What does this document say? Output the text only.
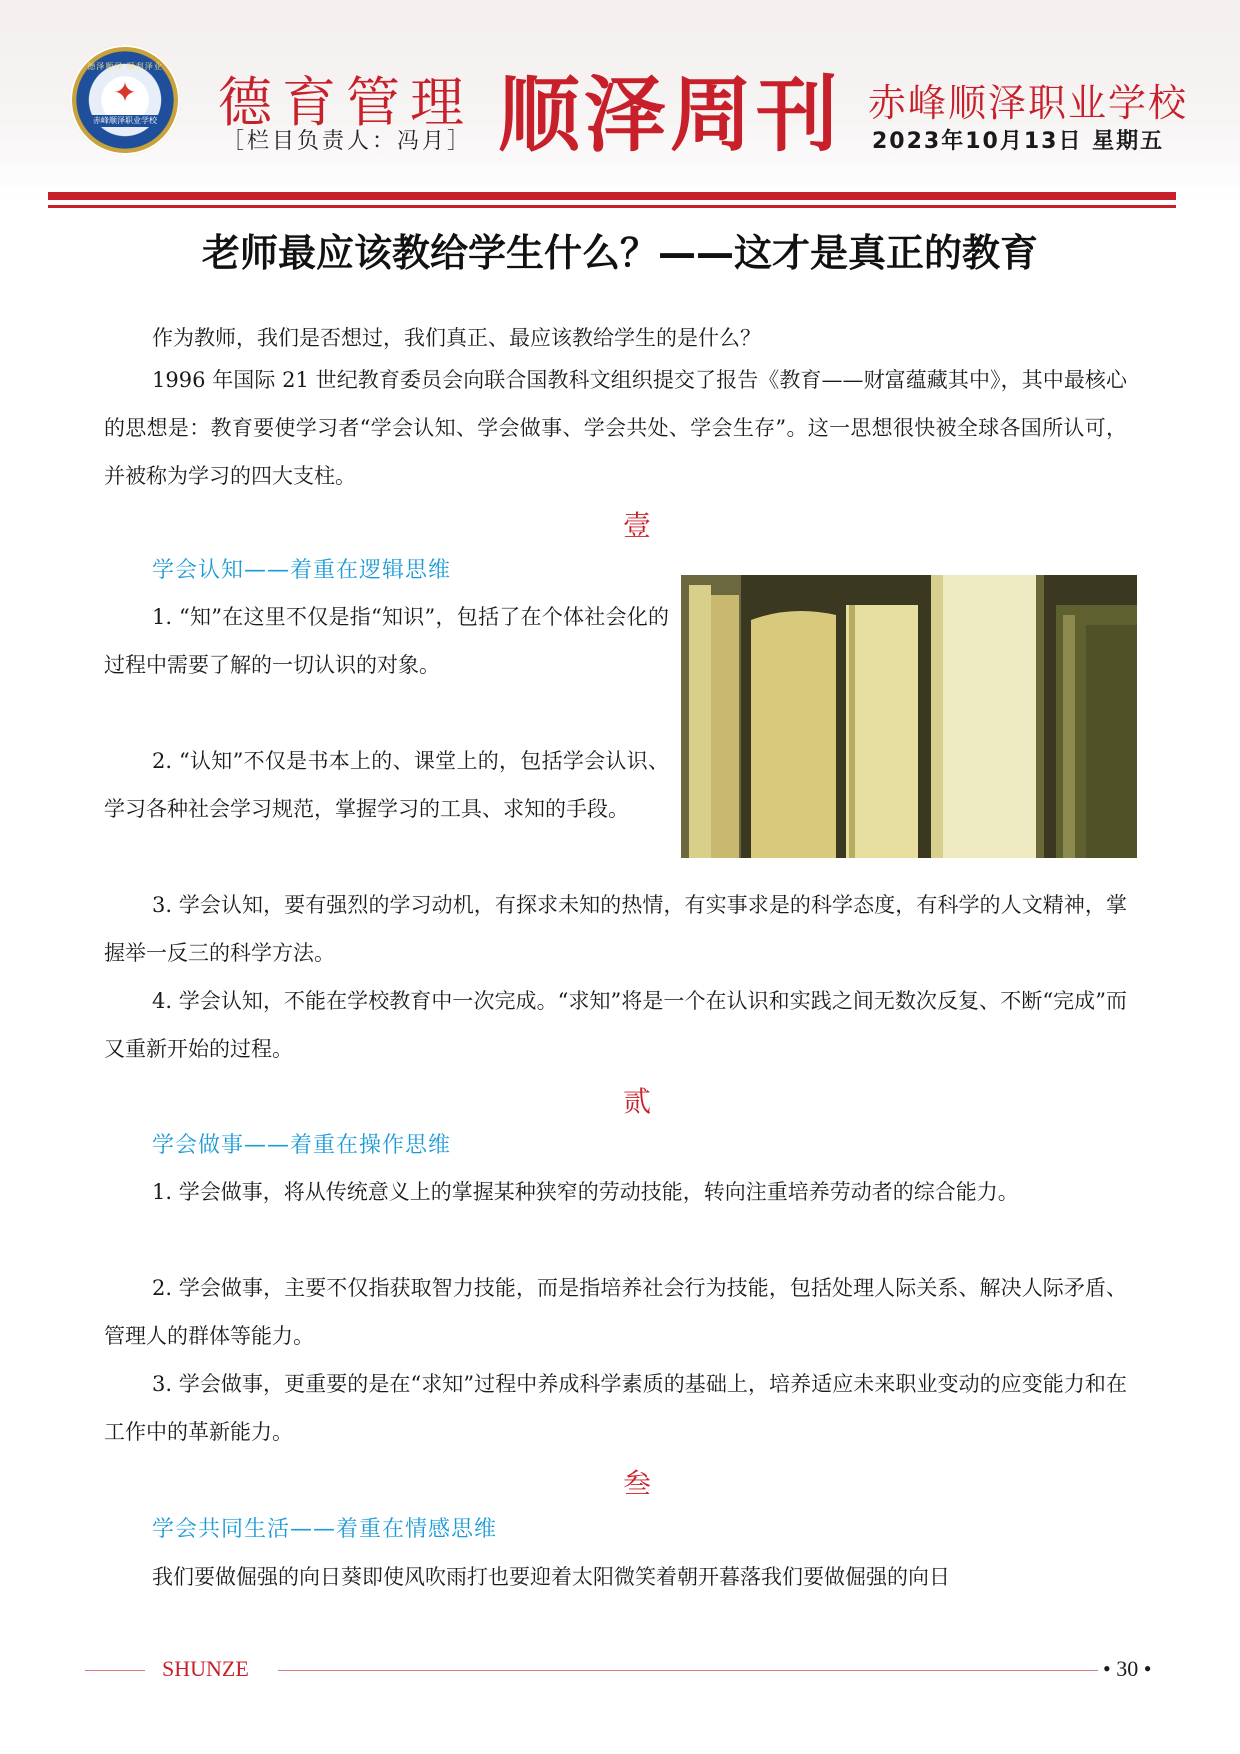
德泽顺泽 顺利泽业
✦
赤峰顺泽职业学校 德育管理
［栏目负责人：冯月］ 顺泽周刊 赤峰顺泽职业学校
2023年10月13日 星期五
老师最应该教给学生什么？——这才是真正的教育

作为教师，我们是否想过，我们真正、最应该教给学生的是什么？

1996 年国际 21 世纪教育委员会向联合国教科文组织提交了报告《教育——财富蕴藏其中》，其中最核心的思想是：教育要使学习者“学会认知、学会做事、学会共处、学会生存”。这一思想很快被全球各国所认可，并被称为学习的四大支柱。

壹
学会认知——着重在逻辑思维

1. “知”在这里不仅是指“知识”，包括了在个体社会化的过程中需要了解的一切认识的对象。

2. “认知”不仅是书本上的、课堂上的，包括学会认识、学习各种社会学习规范，掌握学习的工具、求知的手段。

3. 学会认知，要有强烈的学习动机，有探求未知的热情，有实事求是的科学态度，有科学的人文精神，掌握举一反三的科学方法。

4. 学会认知，不能在学校教育中一次完成。“求知”将是一个在认识和实践之间无数次反复、不断“完成”而又重新开始的过程。

贰
学会做事——着重在操作思维

1. 学会做事，将从传统意义上的掌握某种狭窄的劳动技能，转向注重培养劳动者的综合能力。

2. 学会做事，主要不仅指获取智力技能，而是指培养社会行为技能，包括处理人际关系、解决人际矛盾、管理人的群体等能力。

3. 学会做事，更重要的是在“求知”过程中养成科学素质的基础上，培养适应未来职业变动的应变能力和在工作中的革新能力。

叁
学会共同生活——着重在情感思维

我们要做倔强的向日葵即使风吹雨打也要迎着太阳微笑着朝开暮落我们要做倔强的向日

SHUNZE	• 30 •
